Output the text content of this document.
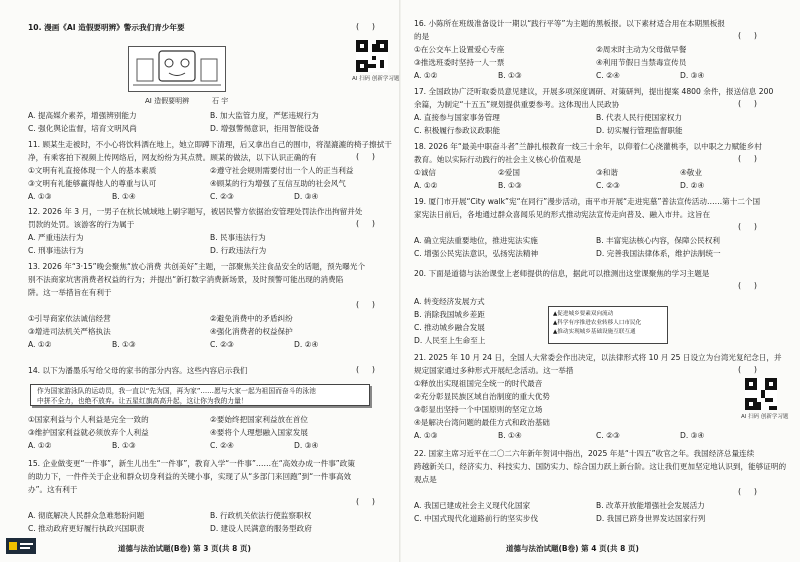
10. 漫画《AI 造假要明辨》警示我们青少年要	(     )
AI 造假要明辨	石 宇
A. 提高媒介素养，增强辨别能力	B. 加大监管力度，严惩违规行为
C. 强化舆论监督，培育文明风尚	D. 增强警惕意识，拒用智能设备
11. 顾某生走被时，不小心将饮料洒在地上，她立即蹲下清理，后又拿出自己的围巾，将湿漉漉的椅子擦拭干
净，有乘客拍下视频上传网络后，网友纷纷为其点赞。顾某的做法，以下认识正确的有	(     )
①文明有礼直接体现一个人的基本素质	②遵守社会规则需要付出一个人的正当利益
③文明有礼能够赢得他人的尊重与认可	④顾某的行为增强了互信互助的社会风气
A. ①③	B. ①④	C. ②③	D. ③④
12. 2026 年 3 月，一男子在杭长城域地上刷字题写，被居民警方依据治安管理处罚法作出拘留并处
罚款的处罚。该游客的行为属于	(     )
A. 严重违法行为	B. 民事违法行为
C. 刑事违法行为	D. 行政违法行为
13. 2026 年“3·15”晚会聚焦“放心消费 共创美好”主题，一部聚焦关注食品安全的话题，预先曝光个
别不法商家坑害消费者权益的行为；并提出“新打数字消费新场景，及时预警可能出现的消费陷
阱。这一举措旨在有利于
(     )
①引导商家依法诚信经营	②避免消费中的矛盾纠纷
③增进司法机关严格执法	④强化消费者的权益保护
A. ①②	B. ①③	C. ②③	D. ②④
14. 以下为潘墨乐写给父母的家书的部分内容。这些内容启示我们	(     )
作为国家游泳队的运动员，我一直以“先为国，再为家”……愿与大家一起为祖国而奋斗的泳池
中拼不全力，也绝不放弃。让五星红旗高高升起，这让你为我的力量！
①国家利益与个人利益是完全一致的	②要始终把国家利益放在首位
③维护国家利益就必须放弃个人利益	④要将个人理想融入国家发展
A. ①②	B. ①③	C. ②④	D. ③④
15. 企业做变更“一件事”，新生儿出生“一件事”，教育入学“一件事”……在“高效办成一件事”政策
的助力下，一件件关于企业和群众切身利益的关键小事，实现了从“多部门来回跑”到“一件事高效
办”。这有利于
(     )
A. 彻底解决人民群众急难愁盼问题	B. 行政机关依法行使监察职权
C. 推动政府更好履行执政兴国职责	D. 建设人民满意的服务型政府
道德与法治试题(B卷) 第 3 页(共 8 页)
16. 小陈所在班级准备设计一期以“践行平等”为主题的黑板报。以下素材适合用在本期黑板报
的是	(     )
①在公交车上设置爱心专座	②周末时主动为父母做早餐
③推选班委时坚持一人一票	④利用节假日当禁毒宣传员
A. ①②	B. ①③	C. ②④	D. ③④
17. 全国政协广泛听取委员意见建议，开展多项深度调研、对策研判，提出提案 4800 余件，报送信息 200
余篇，为制定“十五五”规划提供重要参考。这体现出人民政协	(     )
A. 直接参与国家事务管理	B. 代表人民行使国家权力
C. 积极履行参政议政职能	D. 切实履行管理监督职能
18. 2026 年“最美中职奋斗者”兰静扎根教育一线三十余年，以仰着仁心浇灌桃李，以中职之力赋能乡村
教育。她以实际行动践行的社会主义核心价值观是	(     )
①诚信	②爱国	③和谐	④敬业
A. ①②	B. ①③	C. ②③	D. ②④
19. 厦门市开展“City walk”宪“在同行”漫步活动，南平市开展“走进宪墓”普法宣传活动……第十二个国
家宪法日前后，各地通过群众喜闻乐见的形式推动宪法宣传走向普及、融入市井。这旨在
(     )
A. 确立宪法重要地位，推进宪法实施	B. 丰富宪法核心内容，保障公民权利
C. 增强公民宪法意识，弘扬宪法精神	D. 完善我国法律体系，维护法制统一
20. 下面是道德与法治课堂上老师提供的信息，据此可以推测出这堂课聚焦的学习主题是
(     )
A. 转变经济发展方式
B. 消除我国城乡差距
C. 推动城乡融合发展
D. 人民至上生命至上
21. 2025 年 10 月 24 日，全国人大常委会作出决定，以法律形式将 10 月 25 日设立为台湾光复纪念日，并
规定国家通过多种形式开展纪念活动。这一举措	(     )
①释放出实现祖国完全统一的时代最音
②充分彰显民族区域自治制度的重大优势
③彰显出坚持一个中国原则的坚定立场
④是解决台湾问题的最佳方式和政治基础
A. ①③	B. ①④	C. ②③	D. ③④
22. 国家主席习近平在二〇二六年新年贺词中指出，2025 年是“十四五”收官之年。我国经济总量连续
跨越新关口，经济实力、科技实力、国防实力、综合国力跃上新台阶。这让我们更加坚定地认识到，能够证明的
观点是
(     )
A. 我国已建成社会主义现代化国家	B. 改革开放能增强社会发展活力
C. 中国式现代化道路前行的坚实步伐	D. 我国已跻身世界发达国家行列
道德与法治试题(B卷) 第 4 页(共 8 页)
AI 扫码 创新学习题
AI 扫码 创新学习题
▲促进城乡要素双向流动
▲科学有序推进农业转移人口市民化
▲推动实现城乡基础设施互联互通
